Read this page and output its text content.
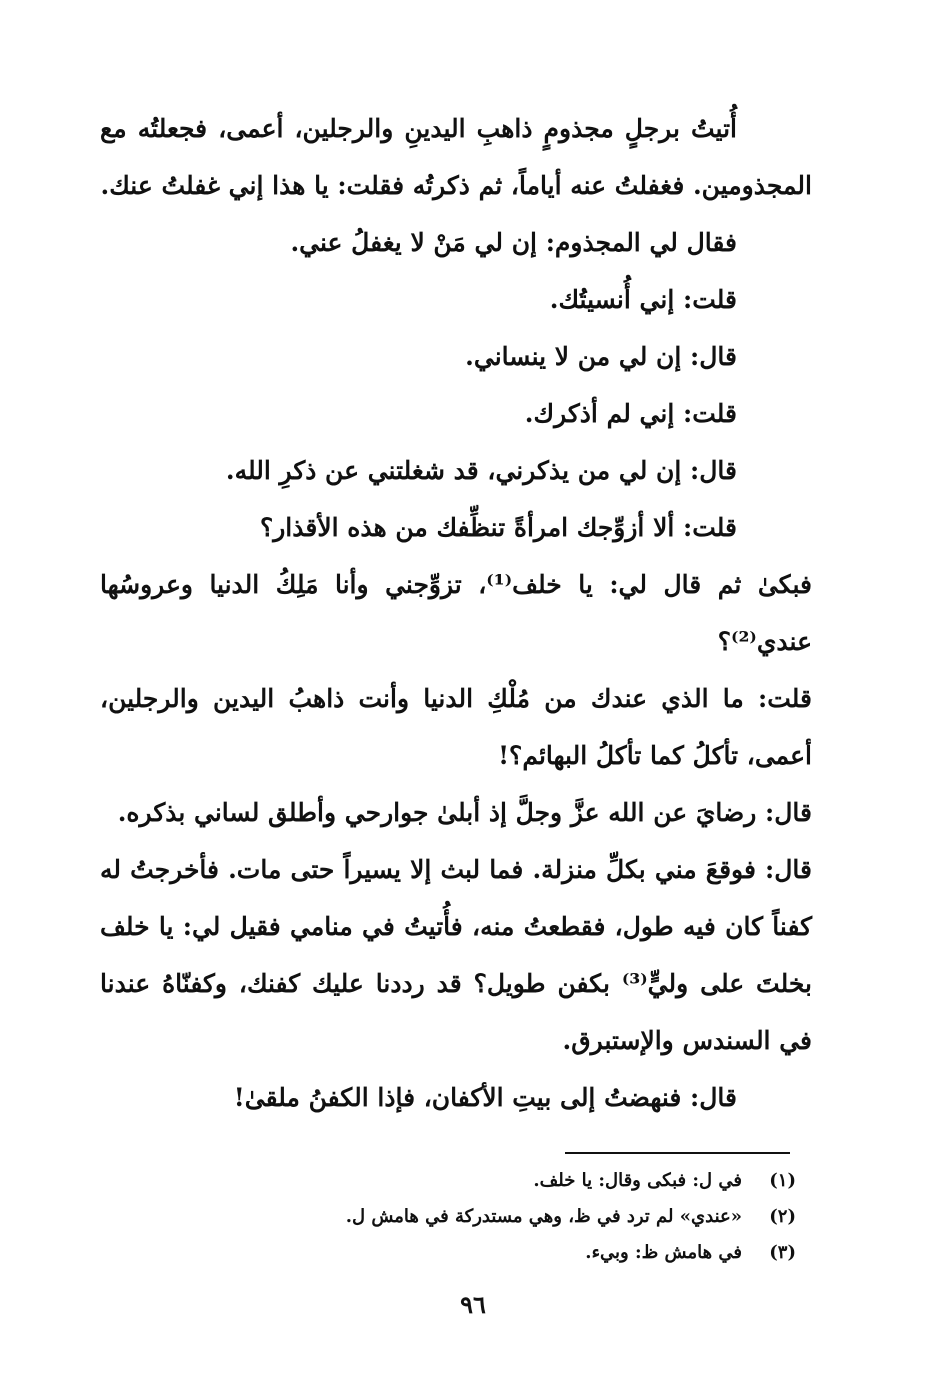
أُتيتُ برجلٍ مجذومٍ ذاهبِ اليدينِ والرجلين، أعمى، فجعلتُه مع المجذومين. فغفلتُ عنه أياماً، ثم ذكرتُه فقلت: يا هذا إني غفلتُ عنك.

فقال لي المجذوم: إن لي مَنْ لا يغفلُ عني.

قلت: إني أُنسيتُك.

قال: إن لي من لا ينساني.

قلت: إني لم أذكرك.

قال: إن لي من يذكرني، قد شغلتني عن ذكرِ الله.

قلت: ألا أزوِّجك امرأةً تنظِّفك من هذه الأقذار؟

فبكىٰ ثم قال لي: يا خلف⁽¹⁾، تزوِّجني وأنا مَلِكُ الدنيا وعروسُها عندي⁽²⁾؟

قلت: ما الذي عندك من مُلْكِ الدنيا وأنت ذاهبُ اليدين والرجلين، أعمى، تأكلُ كما تأكلُ البهائم؟!

قال: رضايَ عن الله عزَّ وجلَّ إذ أبلىٰ جوارحي وأطلق لساني بذكره.

قال: فوقعَ مني بكلِّ منزلة. فما لبث إلا يسيراً حتى مات. فأخرجتُ له كفناً كان فيه طول، فقطعتُ منه، فأُتيتُ في منامي فقيل لي: يا خلف بخلتَ على وليٍّ⁽³⁾ بكفن طويل؟ قد رددنا عليك كفنك، وكفنّاهُ عندنا في السندس والإستبرق.

قال: فنهضتُ إلى بيتِ الأكفان، فإذا الكفنُ ملقىٰ!

(١)
في ل: فبكى وقال: يا خلف.
(٢)
«عندي» لم ترد في ظ، وهي مستدركة في هامش ل.
(٣)
في هامش ظ: وبيء.
٩٦
